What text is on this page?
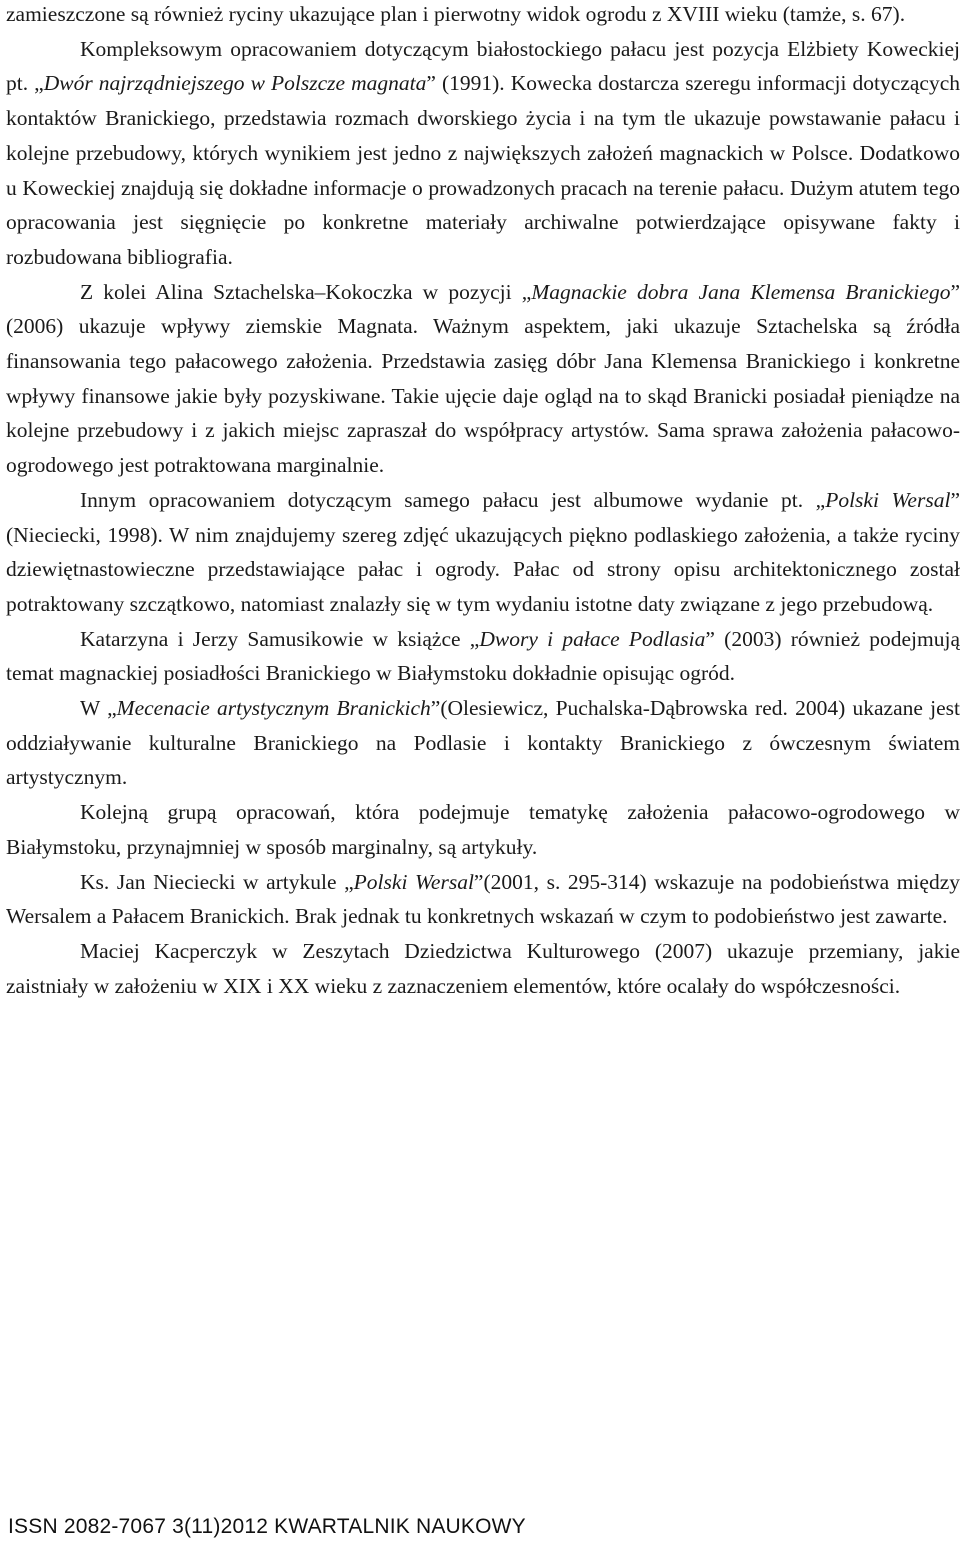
zamieszczone są również ryciny ukazujące plan i pierwotny widok ogrodu z XVIII wieku (tamże, s. 67).

Kompleksowym opracowaniem dotyczącym białostockiego pałacu jest pozycja Elżbiety Koweckiej pt. „Dwór najrządniejszego w Polszcze magnata” (1991). Kowecka dostarcza szeregu informacji dotyczących kontaktów Branickiego, przedstawia rozmach dworskiego życia i na tym tle ukazuje powstawanie pałacu i kolejne przebudowy, których wynikiem jest jedno z największych założeń magnackich w Polsce. Dodatkowo u Koweckiej znajdują się dokładne informacje o prowadzonych pracach na terenie pałacu. Dużym atutem tego opracowania jest sięgnięcie po konkretne materiały archiwalne potwierdzające opisywane fakty i rozbudowana bibliografia.

Z kolei Alina Sztachelska–Kokoczka w pozycji „Magnackie dobra Jana Klemensa Branickiego” (2006) ukazuje wpływy ziemskie Magnata. Ważnym aspektem, jaki ukazuje Sztachelska są źródła finansowania tego pałacowego założenia. Przedstawia zasięg dóbr Jana Klemensa Branickiego i konkretne wpływy finansowe jakie były pozyskiwane. Takie ujęcie daje ogląd na to skąd Branicki posiadał pieniądze na kolejne przebudowy i z jakich miejsc zapraszał do współpracy artystów. Sama sprawa założenia pałacowo-ogrodowego jest potraktowana marginalnie.

Innym opracowaniem dotyczącym samego pałacu jest albumowe wydanie pt. „Polski Wersal” (Nieciecki, 1998). W nim znajdujemy szereg zdjęć ukazujących piękno podlaskiego założenia, a także ryciny dziewiętnastowieczne przedstawiające pałac i ogrody. Pałac od strony opisu architektonicznego został potraktowany szczątkowo, natomiast znalazły się w tym wydaniu istotne daty związane z jego przebudową.

Katarzyna i Jerzy Samusikowie w książce „Dwory i pałace Podlasia” (2003) również podejmują temat magnackiej posiadłości Branickiego w Białymstoku dokładnie opisując ogród.

W „Mecenacie artystycznym Branickich”(Olesiewicz, Puchalska-Dąbrowska red. 2004) ukazane jest oddziaływanie kulturalne Branickiego na Podlasie i kontakty Branickiego z ówczesnym światem artystycznym.

Kolejną grupą opracowań, która podejmuje tematykę założenia pałacowo-ogrodowego w Białymstoku, przynajmniej w sposób marginalny, są artykuły.

Ks. Jan Nieciecki w artykule „Polski Wersal”(2001, s. 295-314) wskazuje na podobieństwa między Wersalem a Pałacem Branickich. Brak jednak tu konkretnych wskazań w czym to podobieństwo jest zawarte.

Maciej Kacperczyk w Zeszytach Dziedzictwa Kulturowego (2007) ukazuje przemiany, jakie zaistniały w założeniu w XIX i XX wieku z zaznaczeniem elementów, które ocalały do współczesności.

ISSN 2082-7067 3(11)2012 KWARTALNIK NAUKOWY
